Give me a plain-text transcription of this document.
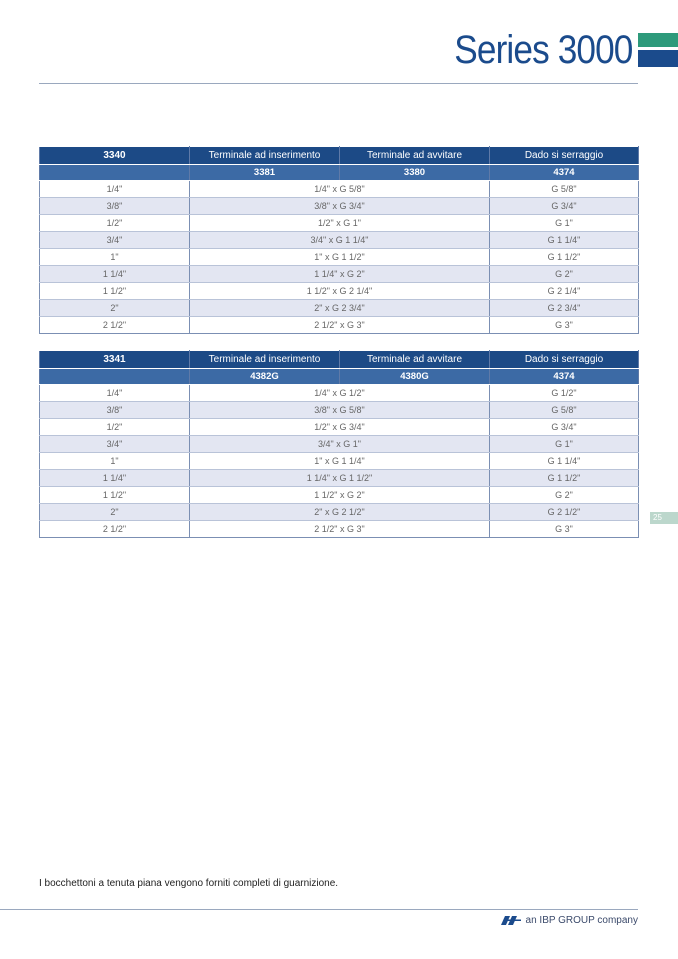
Series 3000
3340	Terminale ad inserimento	Terminale ad avvitare	Dado si serraggio
	3381	3380	4374
1/4"	1/4" x G 5/8"		G 5/8"
3/8"	3/8" x G 3/4"		G 3/4"
1/2"	1/2" x G 1"		G 1"
3/4"	3/4" x G 1 1/4"		G 1 1/4"
1"	1" x G 1 1/2"		G 1 1/2"
1 1/4"	1 1/4" x G 2"		G 2"
1 1/2"	1 1/2" x G 2 1/4"		G 2 1/4"
2"	2" x G 2 3/4"		G 2 3/4"
2 1/2"	2 1/2" x G 3"		G 3"
3341	Terminale ad inserimento	Terminale ad avvitare	Dado si serraggio
	4382G	4380G	4374
1/4"	1/4" x G 1/2"		G 1/2"
3/8"	3/8" x G 5/8"		G 5/8"
1/2"	1/2" x G 3/4"		G 3/4"
3/4"	3/4" x G 1"		G 1"
1"	1" x G 1 1/4"		G 1 1/4"
1 1/4"	1 1/4" x G 1 1/2"		G 1 1/2"
1 1/2"	1 1/2" x G 2"		G 2"
2"	2" x G 2 1/2"		G 2 1/2"
2 1/2"	2 1/2" x G 3"		G 3"
25
I bocchettoni a tenuta piana vengono forniti completi di guarnizione.
an IBP GROUP company
